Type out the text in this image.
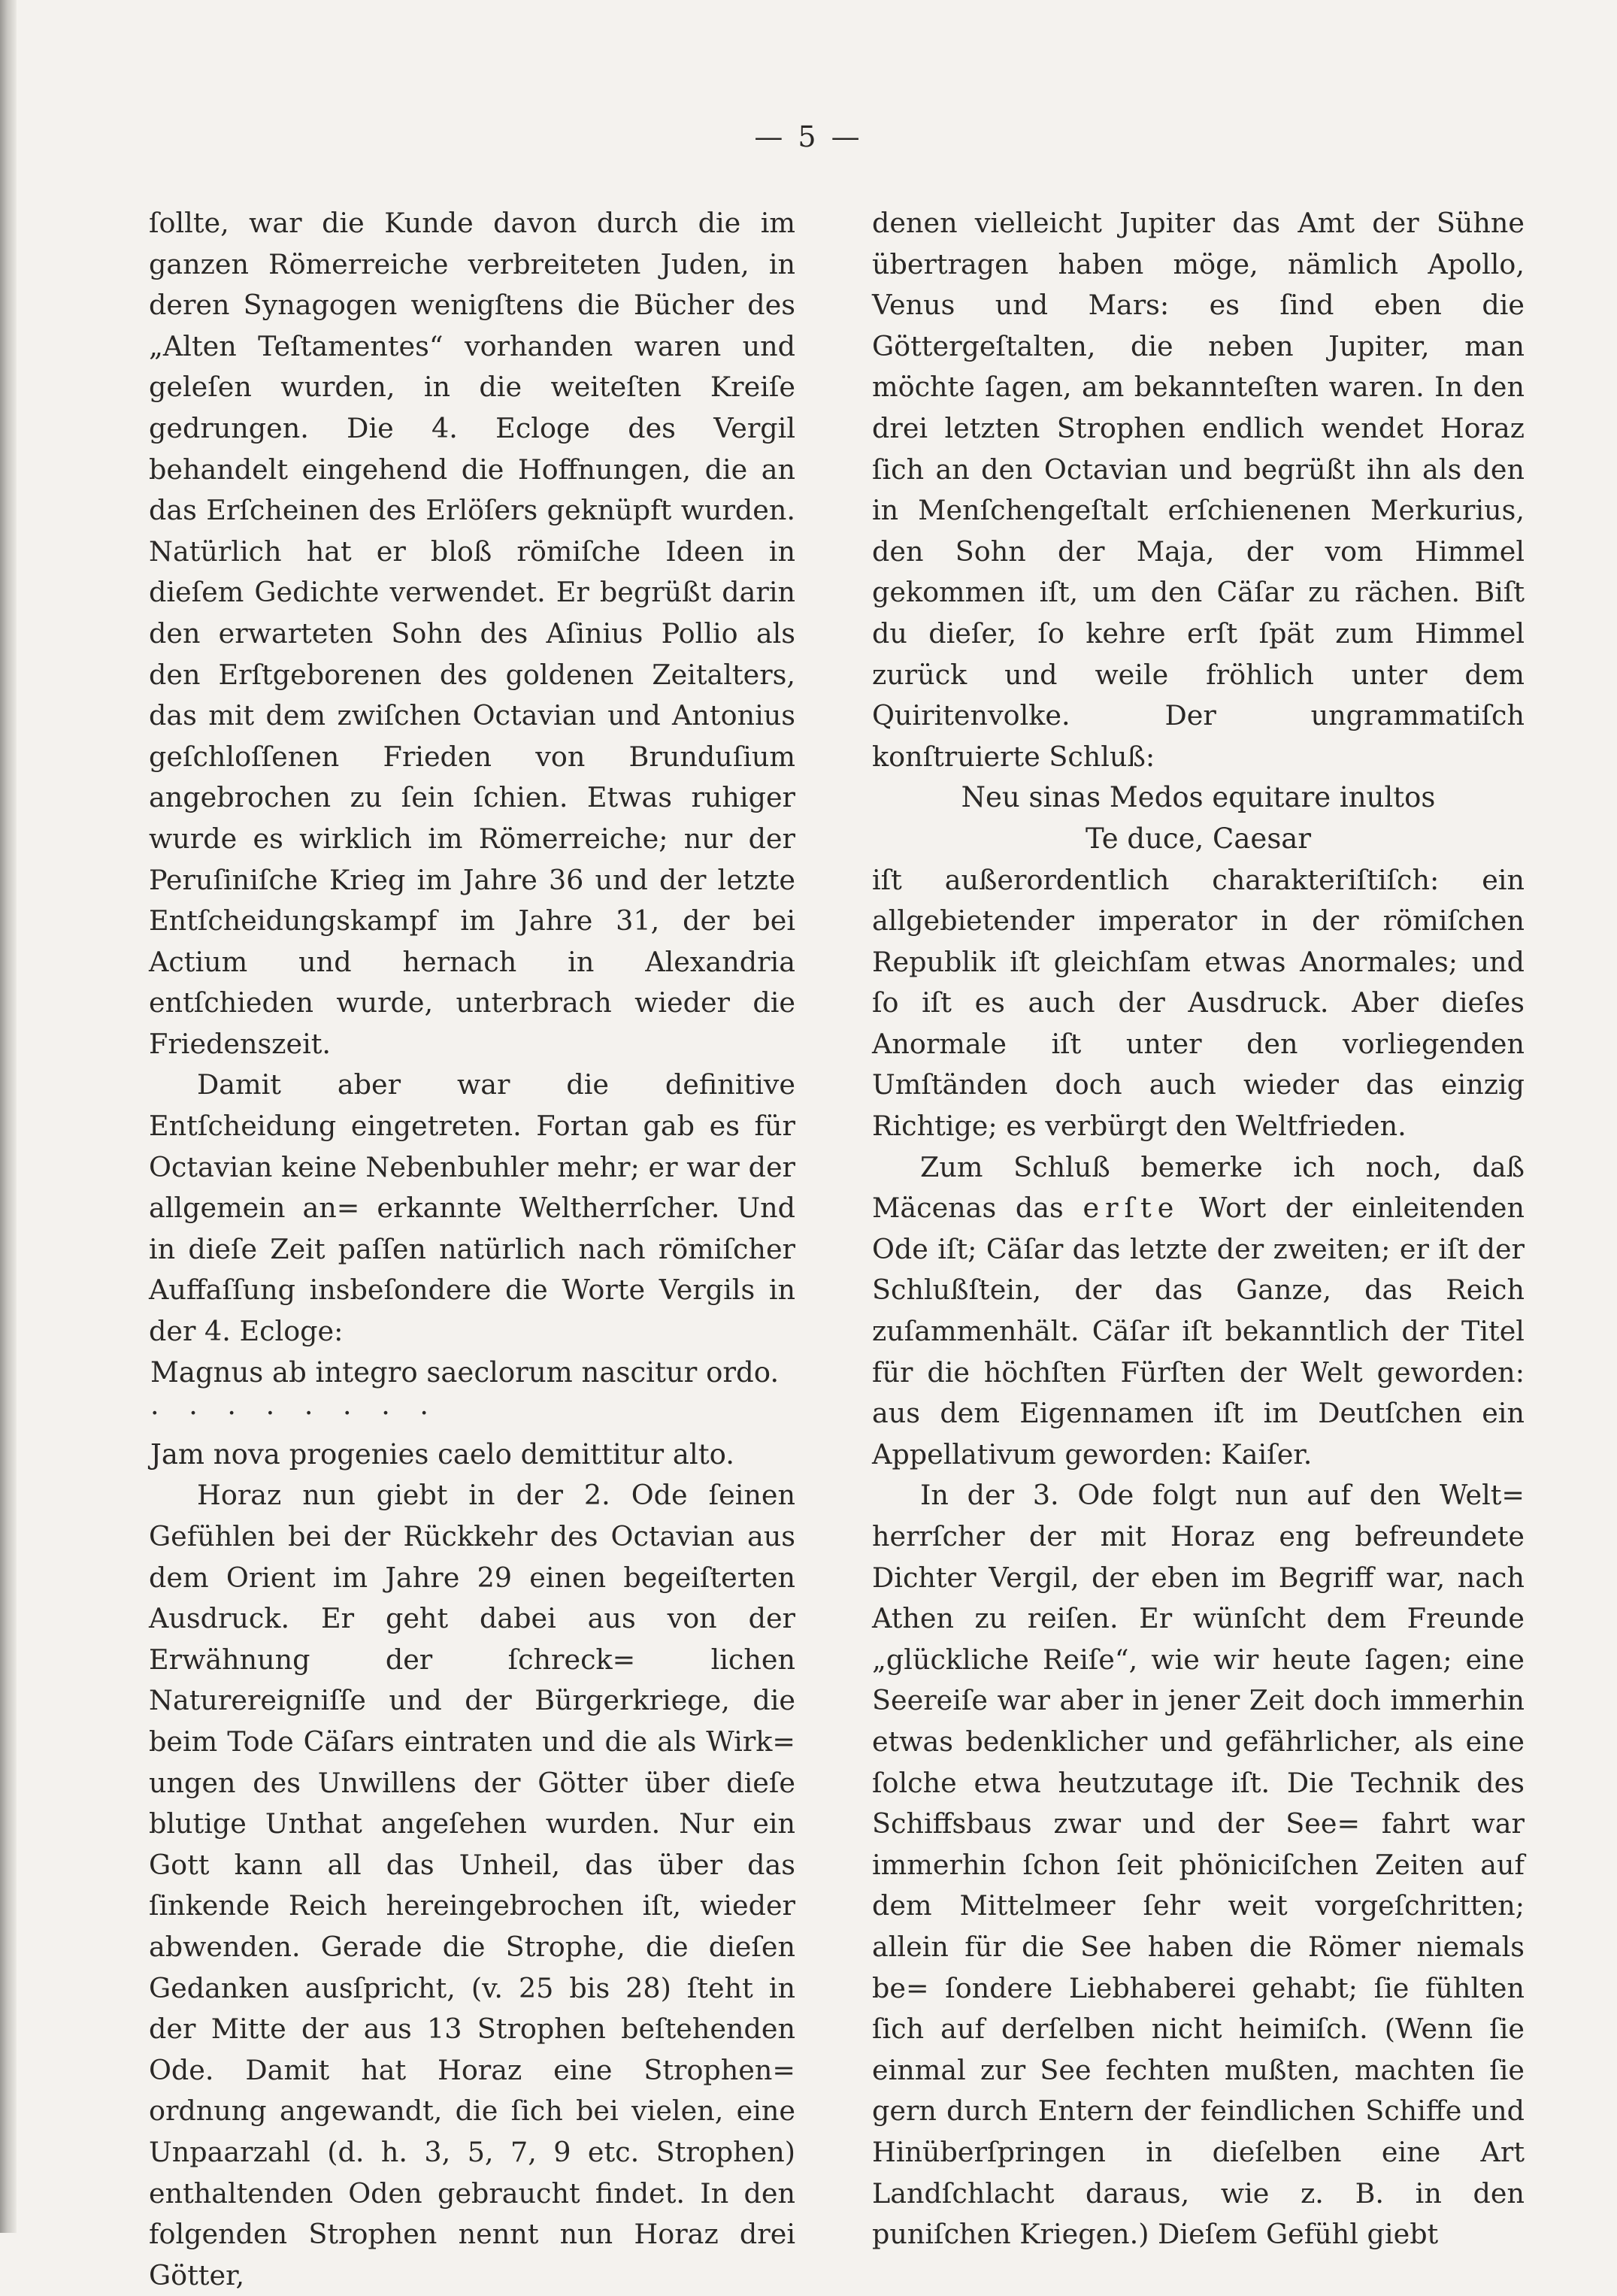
— 5 —

ſollte, war die Kunde davon durch die im ganzen Römerreiche verbreiteten Juden, in deren Synagogen wenigſtens die Bücher des „Alten Teſtamentes“ vorhanden waren und geleſen wurden, in die weiteſten Kreiſe gedrungen. Die 4. Ecloge des Vergil behandelt eingehend die Hoffnungen, die an das Erſcheinen des Erlöſers geknüpft wurden. Natürlich hat er bloß römiſche Ideen in dieſem Gedichte verwendet. Er begrüßt darin den erwarteten Sohn des Aſinius Pollio als den Erſtgeborenen des goldenen Zeitalters, das mit dem zwiſchen Octavian und Antonius geſchloſſenen Frieden von Brunduſium angebrochen zu ſein ſchien. Etwas ruhiger wurde es wirklich im Römerreiche; nur der Peruſiniſche Krieg im Jahre 36 und der letzte Entſcheidungskampf im Jahre 31, der bei Actium und hernach in Alexandria entſchieden wurde, unterbrach wieder die Friedenszeit.

Damit aber war die definitive Entſcheidung eingetreten. Fortan gab es für Octavian keine Nebenbuhler mehr; er war der allgemein an= erkannte Weltherrſcher. Und in dieſe Zeit paſſen natürlich nach römiſcher Auffaſſung insbeſondere die Worte Vergils in der 4. Ecloge:

Magnus ab integro saeclorum nascitur ordo.

· · · · · · · ·

Jam nova progenies caelo demittitur alto.

Horaz nun giebt in der 2. Ode ſeinen Gefühlen bei der Rückkehr des Octavian aus dem Orient im Jahre 29 einen begeiſterten Ausdruck. Er geht dabei aus von der Erwähnung der ſchreck= lichen Naturereigniſſe und der Bürgerkriege, die beim Tode Cäſars eintraten und die als Wirk= ungen des Unwillens der Götter über dieſe blutige Unthat angeſehen wurden. Nur ein Gott kann all das Unheil, das über das ſinkende Reich hereingebrochen iſt, wieder abwenden. Gerade die Strophe, die dieſen Gedanken ausſpricht, (v. 25 bis 28) ſteht in der Mitte der aus 13 Strophen beſtehenden Ode. Damit hat Horaz eine Strophen= ordnung angewandt, die ſich bei vielen, eine Unpaarzahl (d. h. 3, 5, 7, 9 etc. Strophen) enthaltenden Oden gebraucht findet. In den folgenden Strophen nennt nun Horaz drei Götter,

denen vielleicht Jupiter das Amt der Sühne übertragen haben möge, nämlich Apollo, Venus und Mars: es ſind eben die Göttergeſtalten, die neben Jupiter, man möchte ſagen, am bekannteſten waren. In den drei letzten Strophen endlich wendet Horaz ſich an den Octavian und begrüßt ihn als den in Menſchengeſtalt erſchienenen Merkurius, den Sohn der Maja, der vom Himmel gekommen iſt, um den Cäſar zu rächen. Biſt du dieſer, ſo kehre erſt ſpät zum Himmel zurück und weile fröhlich unter dem Quiritenvolke. Der ungrammatiſch konſtruierte Schluß:

Neu sinas Medos equitare inultos

Te duce, Caesar

iſt außerordentlich charakteriſtiſch: ein allgebietender imperator in der römiſchen Republik iſt gleichſam etwas Anormales; und ſo iſt es auch der Ausdruck. Aber dieſes Anormale iſt unter den vorliegenden Umſtänden doch auch wieder das einzig Richtige; es verbürgt den Weltfrieden.

Zum Schluß bemerke ich noch, daß Mäcenas das erſte Wort der einleitenden Ode iſt; Cäſar das letzte der zweiten; er iſt der Schlußſtein, der das Ganze, das Reich zuſammenhält. Cäſar iſt bekanntlich der Titel für die höchſten Fürſten der Welt geworden: aus dem Eigennamen iſt im Deutſchen ein Appellativum geworden: Kaiſer.

In der 3. Ode folgt nun auf den Welt= herrſcher der mit Horaz eng befreundete Dichter Vergil, der eben im Begriff war, nach Athen zu reiſen. Er wünſcht dem Freunde „glückliche Reiſe“, wie wir heute ſagen; eine Seereiſe war aber in jener Zeit doch immerhin etwas bedenklicher und gefährlicher, als eine ſolche etwa heutzutage iſt. Die Technik des Schiffsbaus zwar und der See= fahrt war immerhin ſchon ſeit phöniciſchen Zeiten auf dem Mittelmeer ſehr weit vorgeſchritten; allein für die See haben die Römer niemals be= ſondere Liebhaberei gehabt; ſie fühlten ſich auf derſelben nicht heimiſch. (Wenn ſie einmal zur See fechten mußten, machten ſie gern durch Entern der feindlichen Schiffe und Hinüberſpringen in dieſelben eine Art Landſchlacht daraus, wie z. B. in den puniſchen Kriegen.) Dieſem Gefühl giebt
